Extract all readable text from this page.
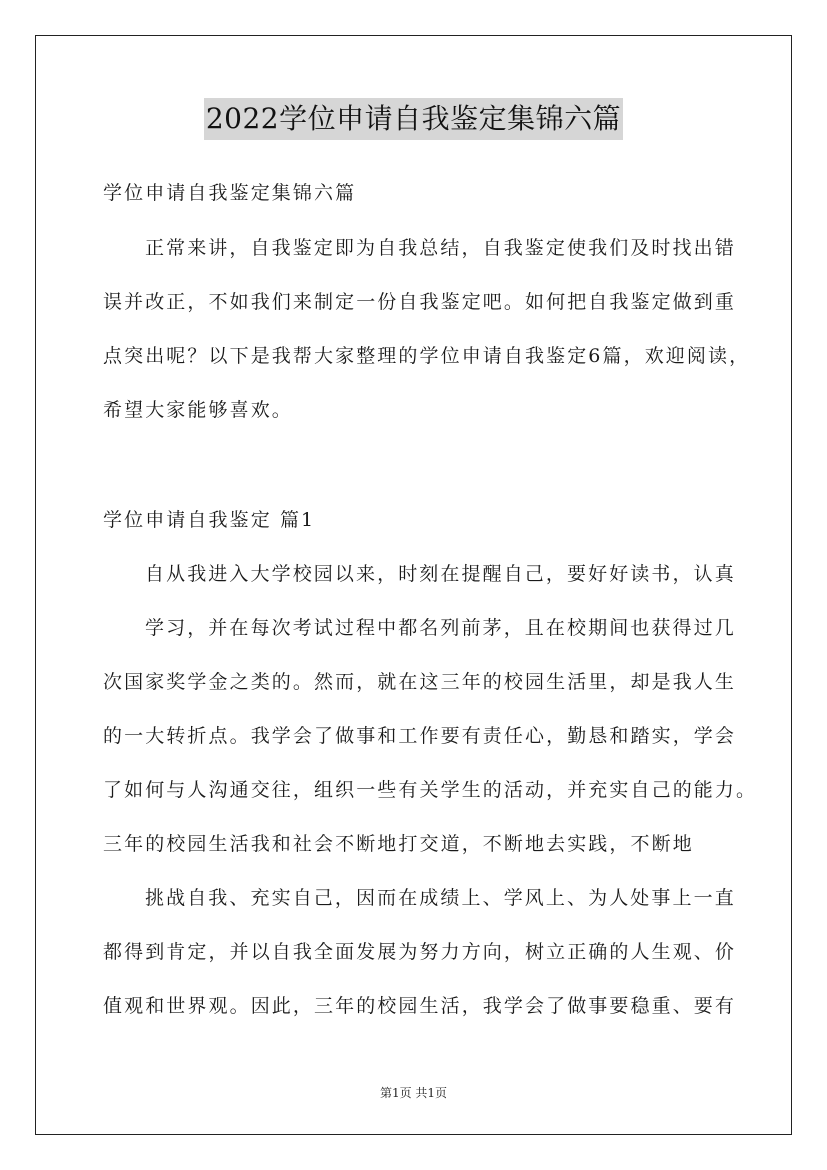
2022学位申请自我鉴定集锦六篇
学位申请自我鉴定集锦六篇
正常来讲，自我鉴定即为自我总结，自我鉴定使我们及时找出错
误并改正，不如我们来制定一份自我鉴定吧。如何把自我鉴定做到重
点突出呢？以下是我帮大家整理的学位申请自我鉴定6篇，欢迎阅读，
希望大家能够喜欢。
学位申请自我鉴定 篇1
自从我进入大学校园以来，时刻在提醒自己，要好好读书，认真
学习，并在每次考试过程中都名列前茅，且在校期间也获得过几
次国家奖学金之类的。然而，就在这三年的校园生活里，却是我人生
的一大转折点。我学会了做事和工作要有责任心，勤恳和踏实，学会
了如何与人沟通交往，组织一些有关学生的活动，并充实自己的能力。
三年的校园生活我和社会不断地打交道，不断地去实践，不断地
挑战自我、充实自己，因而在成绩上、学风上、为人处事上一直
都得到肯定，并以自我全面发展为努力方向，树立正确的人生观、价
值观和世界观。因此，三年的校园生活，我学会了做事要稳重、要有
第1页 共1页
